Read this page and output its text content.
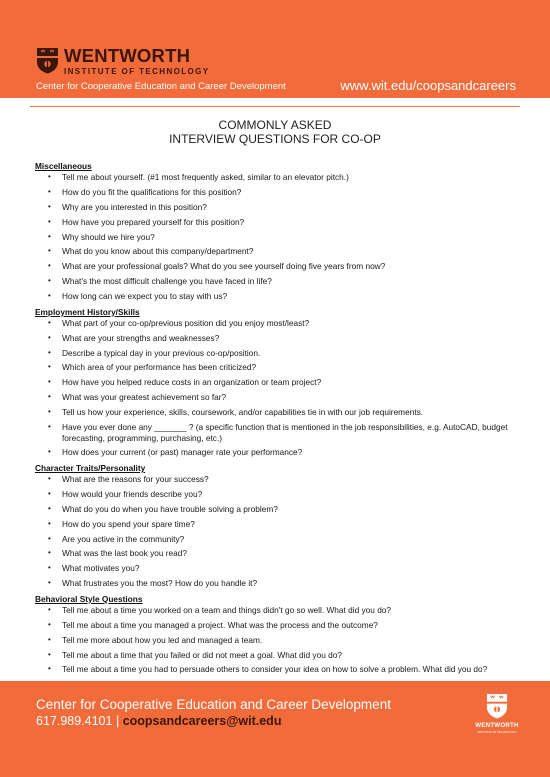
WENTWORTH
INSTITUTE OF TECHNOLOGY
Center for Cooperative Education and Career Development	www.wit.edu/coopsandcareers
COMMONLY ASKED
INTERVIEW QUESTIONS FOR CO-OP
Miscellaneous
• Tell me about yourself. (#1 most frequently asked, similar to an elevator pitch.)
• How do you fit the qualifications for this position?
• Why are you interested in this position?
• How have you prepared yourself for this position?
• Why should we hire you?
• What do you know about this company/department?
• What are your professional goals? What do you see yourself doing five years from now?
• What's the most difficult challenge you have faced in life?
• How long can we expect you to stay with us?
Employment History/Skills
• What part of your co-op/previous position did you enjoy most/least?
• What are your strengths and weaknesses?
• Describe a typical day in your previous co-op/position.
• Which area of your performance has been criticized?
• How have you helped reduce costs in an organization or team project?
• What was your greatest achievement so far?
• Tell us how your experience, skills, coursework, and/or capabilities tie in with our job requirements.
• Have you ever done any _______ ? (a specific function that is mentioned in the job responsibilities, e.g. AutoCAD, budget forecasting, programming, purchasing, etc.)
• How does your current (or past) manager rate your performance?
Character Traits/Personality
• What are the reasons for your success?
• How would your friends describe you?
• What do you do when you have trouble solving a problem?
• How do you spend your spare time?
• Are you active in the community?
• What was the last book you read?
• What motivates you?
• What frustrates you the most? How do you handle it?
Behavioral Style Questions
• Tell me about a time you worked on a team and things didn't go so well. What did you do?
• Tell me about a time you managed a project. What was the process and the outcome?
• Tell me more about how you led and managed a team.
• Tell me about a time that you failed or did not meet a goal. What did you do?
• Tell me about a time you had to persuade others to consider your idea on how to solve a problem. What did you do?
Center for Cooperative Education and Career Development
617.989.4101 | coopsandcareers@wit.edu	WENTWORTH
INSTITUTE OF TECHNOLOGY
